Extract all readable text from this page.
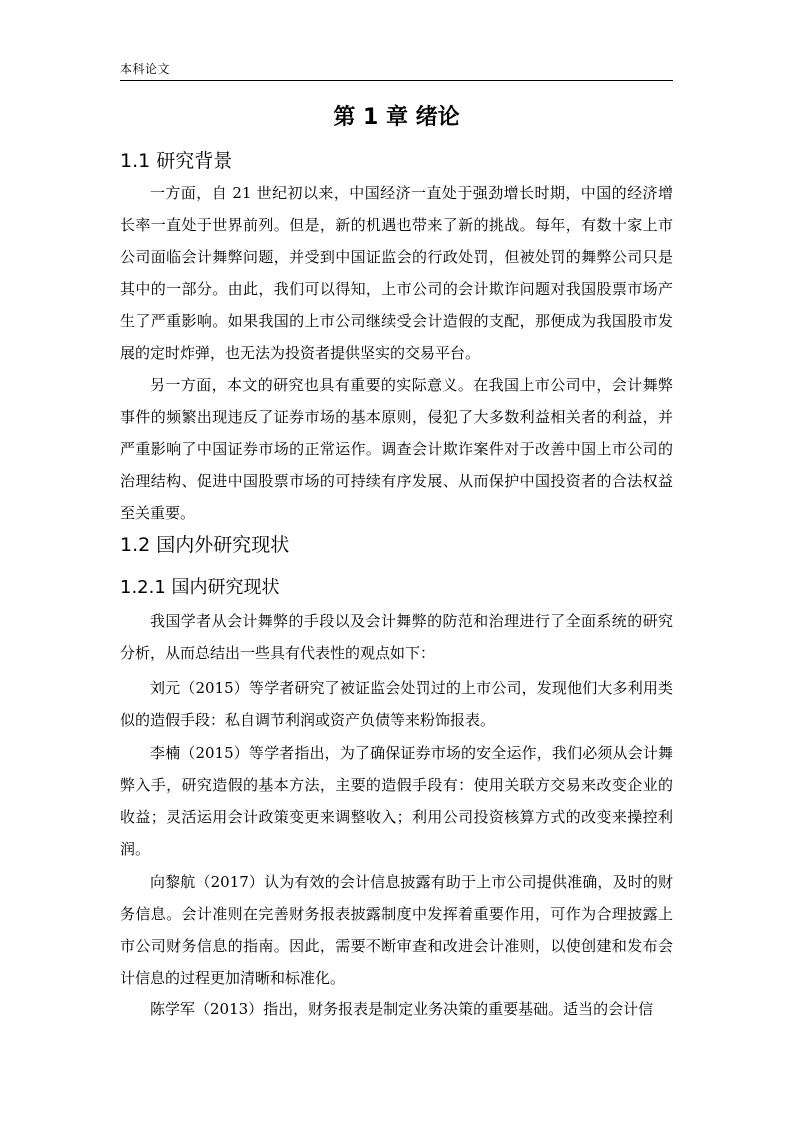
本科论文
第 1 章 绪论
1.1 研究背景

一方面，自 21 世纪初以来，中国经济一直处于强劲增长时期，中国的经济增长率一直处于世界前列。但是，新的机遇也带来了新的挑战。每年，有数十家上市公司面临会计舞弊问题，并受到中国证监会的行政处罚，但被处罚的舞弊公司只是其中的一部分。由此，我们可以得知，上市公司的会计欺诈问题对我国股票市场产生了严重影响。如果我国的上市公司继续受会计造假的支配，那便成为我国股市发展的定时炸弹，也无法为投资者提供坚实的交易平台。

另一方面，本文的研究也具有重要的实际意义。在我国上市公司中，会计舞弊事件的频繁出现违反了证券市场的基本原则，侵犯了大多数利益相关者的利益，并严重影响了中国证券市场的正常运作。调查会计欺诈案件对于改善中国上市公司的治理结构、促进中国股票市场的可持续有序发展、从而保护中国投资者的合法权益至关重要。

1.2 国内外研究现状
1.2.1 国内研究现状

我国学者从会计舞弊的手段以及会计舞弊的防范和治理进行了全面系统的研究分析，从而总结出一些具有代表性的观点如下：

刘元（2015）等学者研究了被证监会处罚过的上市公司，发现他们大多利用类似的造假手段：私自调节利润或资产负债等来粉饰报表。

李楠（2015）等学者指出，为了确保证券市场的安全运作，我们必须从会计舞弊入手，研究造假的基本方法，主要的造假手段有：使用关联方交易来改变企业的收益；灵活运用会计政策变更来调整收入；利用公司投资核算方式的改变来操控利润。

向黎航（2017）认为有效的会计信息披露有助于上市公司提供准确，及时的财务信息。会计准则在完善财务报表披露制度中发挥着重要作用，可作为合理披露上市公司财务信息的指南。因此，需要不断审查和改进会计准则，以使创建和发布会计信息的过程更加清晰和标准化。

陈学军（2013）指出，财务报表是制定业务决策的重要基础。适当的会计信
